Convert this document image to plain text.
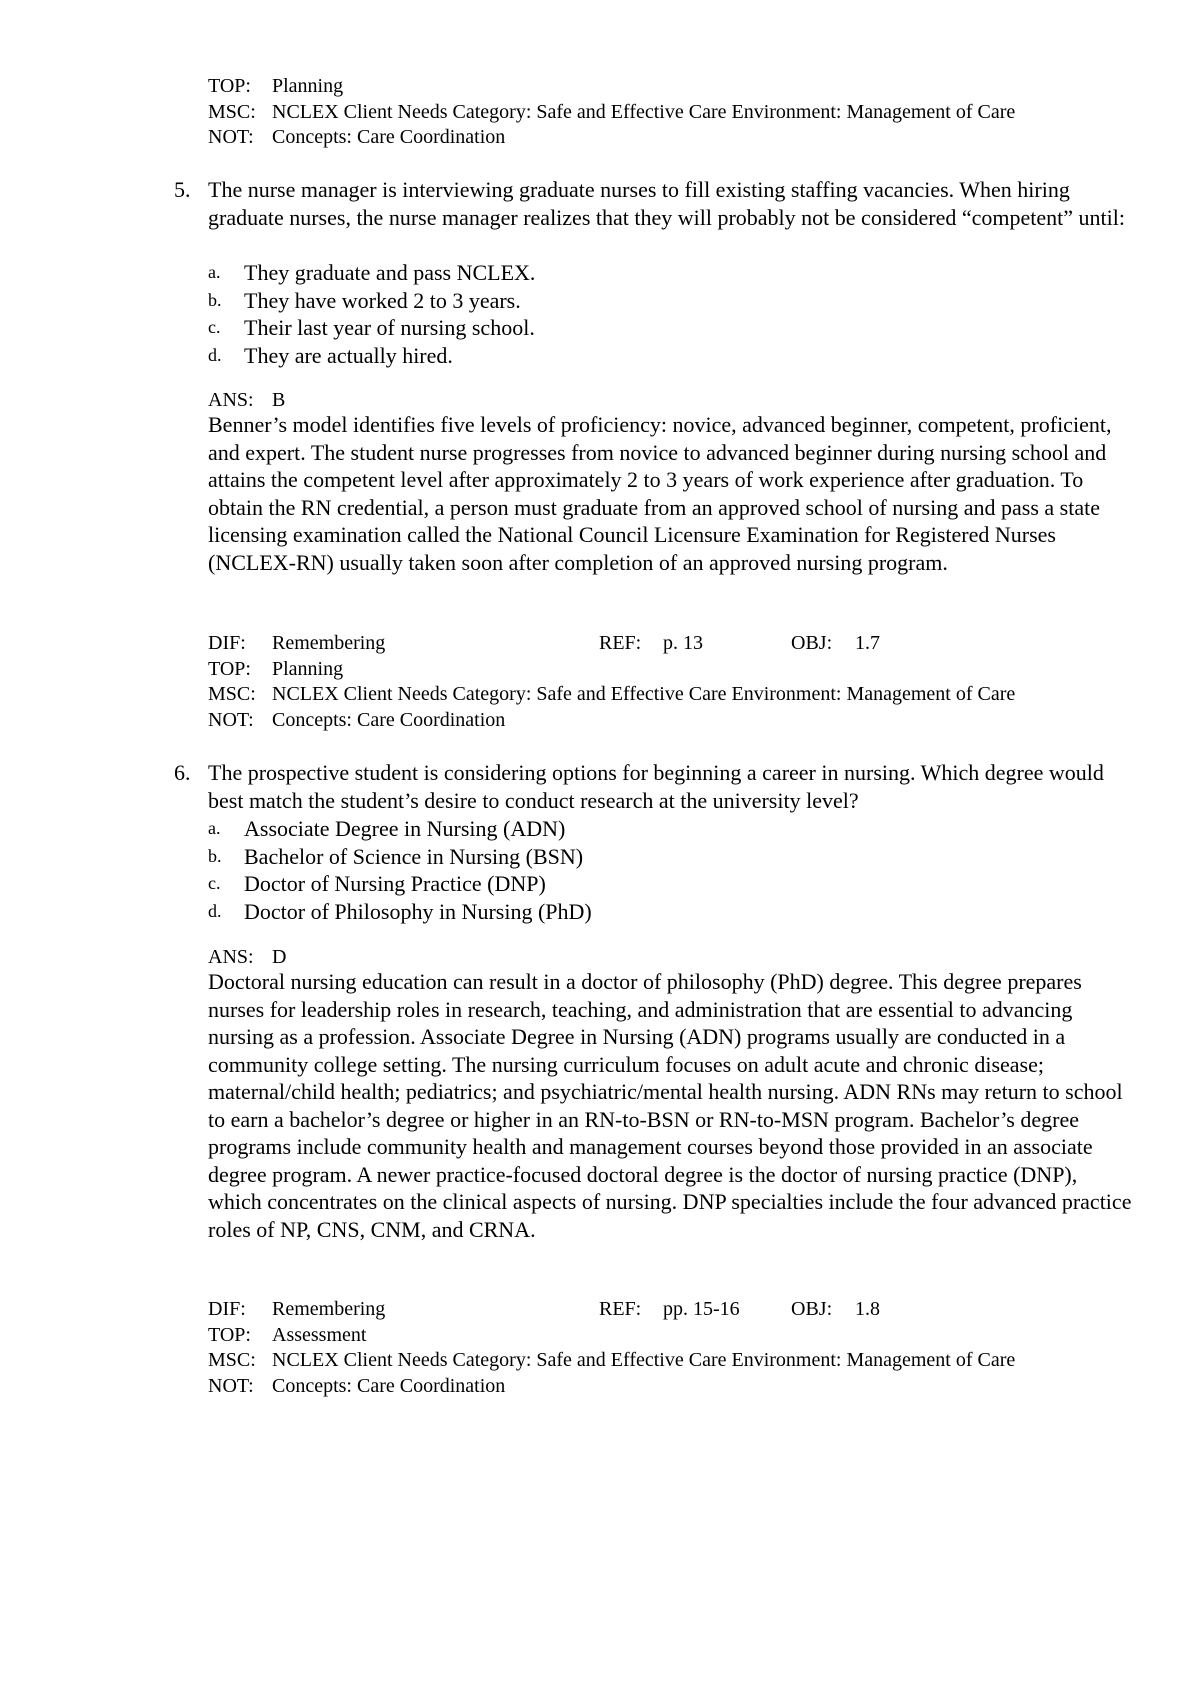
TOP:	Planning
MSC: NCLEX Client Needs Category: Safe and Effective Care Environment: Management of Care
NOT: Concepts: Care Coordination
5. The nurse manager is interviewing graduate nurses to fill existing staffing vacancies. When hiring graduate nurses, the nurse manager realizes that they will probably not be considered “competent” until:
a.	They graduate and pass NCLEX.
b.	They have worked 2 to 3 years.
c.	Their last year of nursing school.
d.	They are actually hired.
ANS: B
Benner’s model identifies five levels of proficiency: novice, advanced beginner, competent, proficient, and expert. The student nurse progresses from novice to advanced beginner during nursing school and attains the competent level after approximately 2 to 3 years of work experience after graduation. To obtain the RN credential, a person must graduate from an approved school of nursing and pass a state licensing examination called the National Council Licensure Examination for Registered Nurses (NCLEX-RN) usually taken soon after completion of an approved nursing program.
DIF:	Remembering	REF:	p. 13	OBJ:	1.7
TOP:	Planning
MSC: NCLEX Client Needs Category: Safe and Effective Care Environment: Management of Care
NOT: Concepts: Care Coordination
6. The prospective student is considering options for beginning a career in nursing. Which degree would best match the student’s desire to conduct research at the university level?
a.	Associate Degree in Nursing (ADN)
b.	Bachelor of Science in Nursing (BSN)
c.	Doctor of Nursing Practice (DNP)
d.	Doctor of Philosophy in Nursing (PhD)
ANS: D
Doctoral nursing education can result in a doctor of philosophy (PhD) degree. This degree prepares nurses for leadership roles in research, teaching, and administration that are essential to advancing nursing as a profession. Associate Degree in Nursing (ADN) programs usually are conducted in a community college setting. The nursing curriculum focuses on adult acute and chronic disease; maternal/child health; pediatrics; and psychiatric/mental health nursing. ADN RNs may return to school to earn a bachelor’s degree or higher in an RN-to-BSN or RN-to-MSN program. Bachelor’s degree programs include community health and management courses beyond those provided in an associate degree program. A newer practice-focused doctoral degree is the doctor of nursing practice (DNP), which concentrates on the clinical aspects of nursing. DNP specialties include the four advanced practice roles of NP, CNS, CNM, and CRNA.
DIF:	Remembering	REF:	pp. 15-16	OBJ:	1.8
TOP:	Assessment
MSC: NCLEX Client Needs Category: Safe and Effective Care Environment: Management of Care
NOT: Concepts: Care Coordination
